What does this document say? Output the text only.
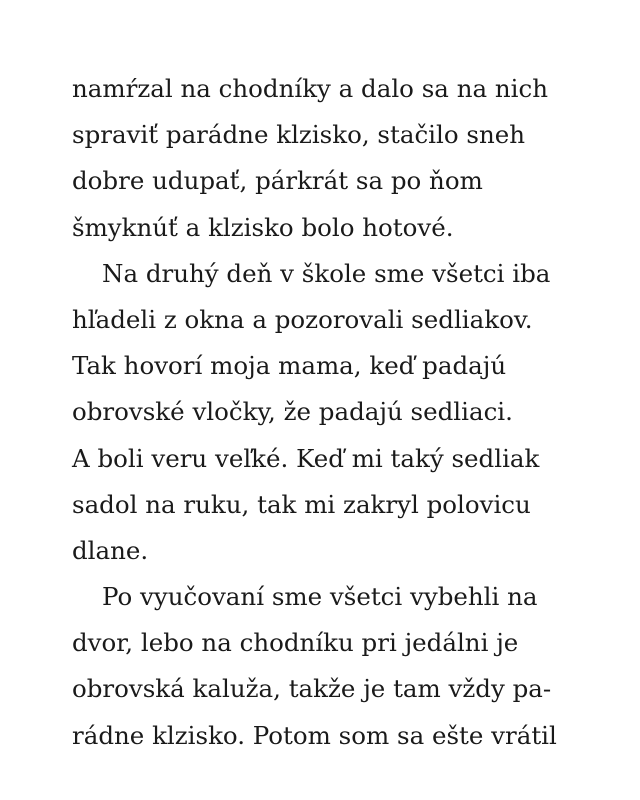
namŕzal na chodníky a dalo sa na nich
spraviť parádne klzisko, stačilo sneh
dobre udupať, párkrát sa po ňom
šmyknúť a klzisko bolo hotové.
Na druhý deň v škole sme všetci iba
hľadeli z okna a pozorovali sedliakov.
Tak hovorí moja mama, keď padajú
obrovské vločky, že padajú sedliaci.
A boli veru veľké. Keď mi taký sedliak
sadol na ruku, tak mi zakryl polovicu
dlane.
Po vyučovaní sme všetci vybehli na
dvor, lebo na chodníku pri jedálni je
obrovská kaluža, takže je tam vždy pa-
rádne klzisko. Potom som sa ešte vrátil
